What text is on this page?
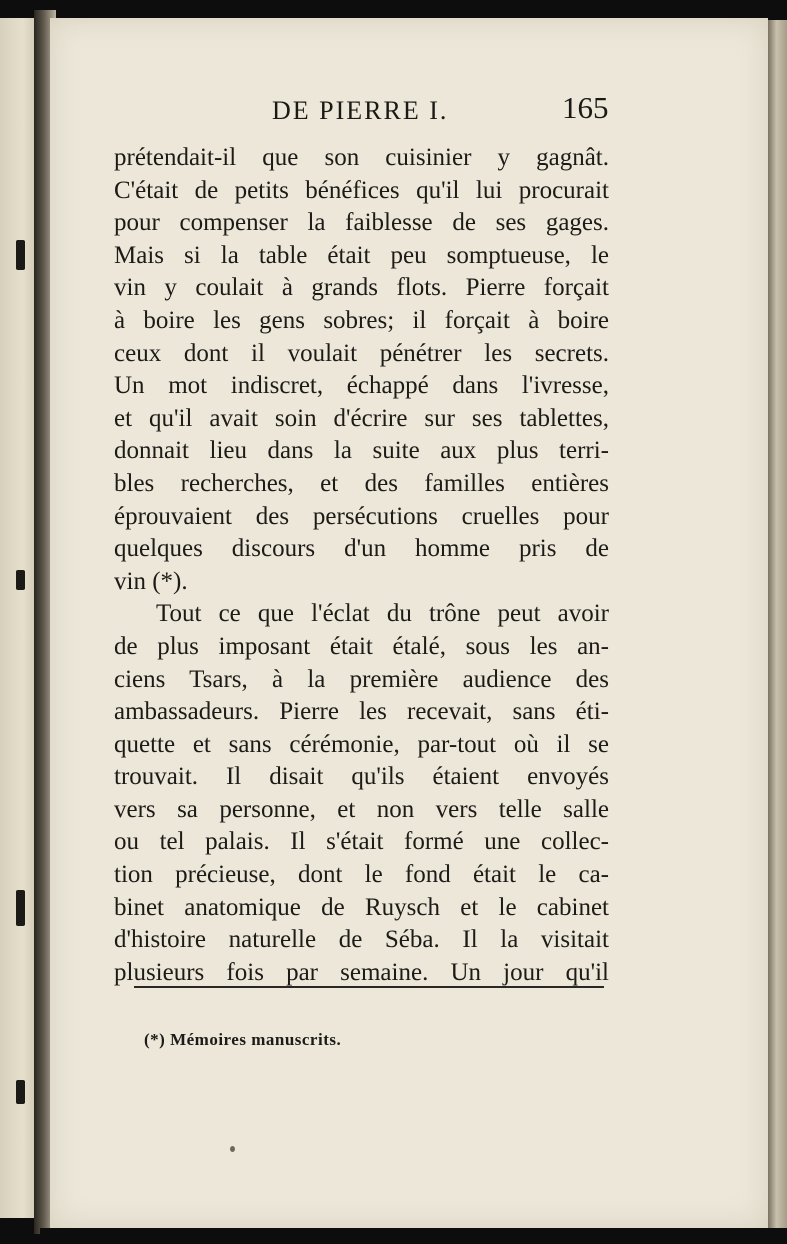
DE PIERRE I.	165
prétendait-il que son cuisinier y gagnât.
C'était de petits bénéfices qu'il lui procurait
pour compenser la faiblesse de ses gages.
Mais si la table était peu somptueuse, le
vin y coulait à grands flots. Pierre forçait
à boire les gens sobres; il forçait à boire
ceux dont il voulait pénétrer les secrets.
Un mot indiscret, échappé dans l'ivresse,
et qu'il avait soin d'écrire sur ses tablettes,
donnait lieu dans la suite aux plus terri-
bles recherches, et des familles entières
éprouvaient des persécutions cruelles pour
quelques discours d'un homme pris de
vin (*).
Tout ce que l'éclat du trône peut avoir
de plus imposant était étalé, sous les an-
ciens Tsars, à la première audience des
ambassadeurs. Pierre les recevait, sans éti-
quette et sans cérémonie, par-tout où il se
trouvait. Il disait qu'ils étaient envoyés
vers sa personne, et non vers telle salle
ou tel palais. Il s'était formé une collec-
tion précieuse, dont le fond était le ca-
binet anatomique de Ruysch et le cabinet
d'histoire naturelle de Séba. Il la visitait
plusieurs fois par semaine. Un jour qu'il
(*) Mémoires manuscrits.
